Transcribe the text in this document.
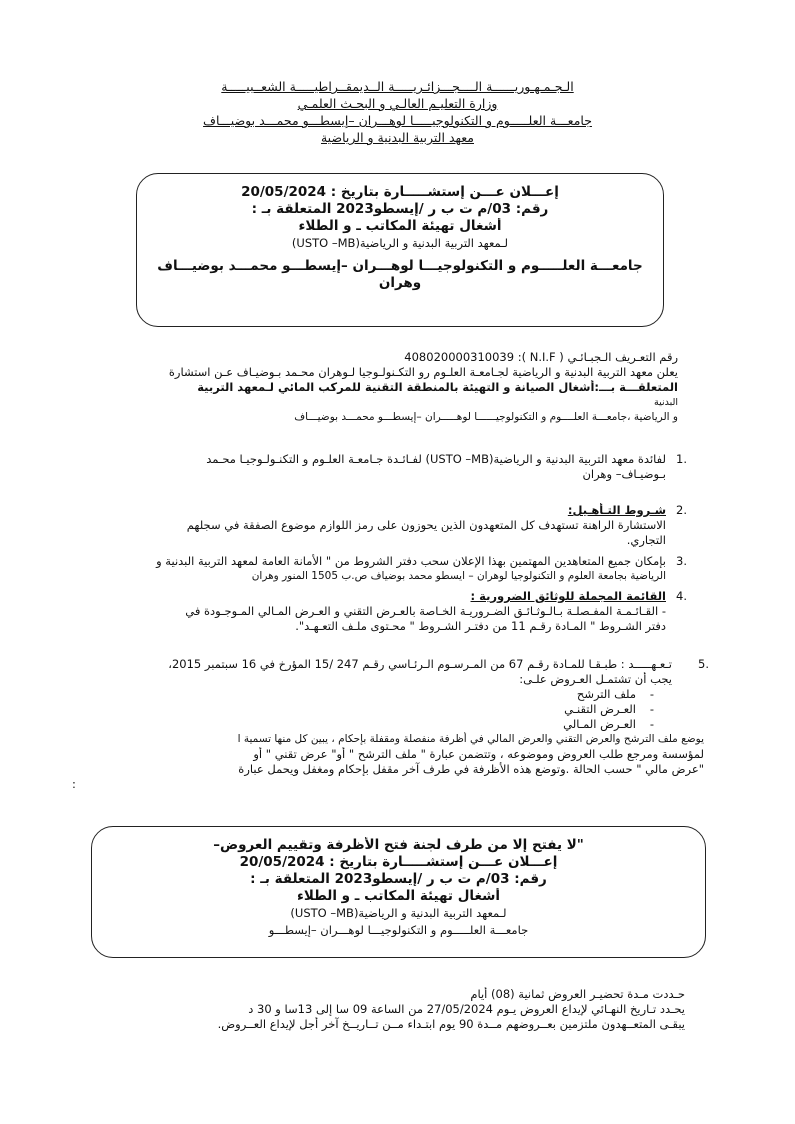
الـجـمـهـوريــــــة الــــجـــزائـريـــــة الــديمقــراطيـــــة الشعــبيـــــة
وزارة التعليـم العالـي و البحـث العلمـي
جامعـــة العلـــــوم و التكنولوجيـــــا لوهـــران –إيسطـــو محمـــد بوضيـــاف
معهد التربية البدنية و الرياضية
إعـــلان عـــن إستشـــــارة بتاريخ : 20/05/2024
رقم: 03/م ت ب ر /إيسطو2023 المتعلقة بـ :
أشغال تهيئة المكاتب ـ و الطلاء
لـمعهد التربية البدنية و الرياضية(USTO –MB)
جامعـــة العلـــــوم و التكنولوجيـــا لوهـــران –إيسطـــو محمـــد بوضيـــاف
وهران
رقم التعـريف الـجبـائـي ( N.I.F ): 408020000310039
يعلن معهد التربية البدنية و الرياضية لجـامعـة العلـوم رو التكـنولـوجيا لـوهران محـمد بـوضيـاف عـن استشارة
المتعلقـــة بـــ:أشغال الصيانة و التهيئة بالمنطقة التقنية للمركب المائي لـمعهد التربية
البدنية
و الرياضية ،جامعـــة العلــــوم و التكنولوجيــــــا لوهـــــران –إيسطـــو محمـــد بوضيـــاف
1.
لفائدة معهد التربية البدنية و الرياضية(USTO –MB) لفـائـدة جـامعـة العلـوم و التكنـولـوجيـا محـمد
بـوضيـاف– وهران
2.
شـروط التـأهـيل:
الاستشارة الراهنة تستهدف كل المتعهدون الذين يحوزون على رمز اللوازم موضوع الصفقة في سجلهم
التجاري.
3.
بإمكان جميع المتعاهدين المهتمين بهذا الإعلان سحب دفتر الشروط من " الأمانة العامة لمعهد التربية البدنية و
الرياضية بجامعة العلوم و التكنولوجيا لوهران – ايسطو محمد بوضياف ص.ب 1505 المنور وهران
4.
القائمة المجملة للوثائق الضرورية :
- القـائـمـة المفـصلـة بـالـوثـائـق الضـروريـة الخـاصة بالعـرض التقني و العـرض المـالي المـوجـودة في
دفتر الشـروط " المـادة رقـم 11 من دفتـر الشـروط " محـتوى ملـف التعـهـد".
5.
تـعـهـــــد : طبـقـا للمـادة رقـم 67 من المـرسـوم الـرئـاسي رقـم 247 /15 المؤرخ في 16 سبتمبر 2015،
يجب أن تشتمـل العـروض علـى:
-ملف الترشح
-العـرض التقنـي
-العـرض المـالي
يوضع ملف الترشح والعرض التقني والعرض المالي في أظرفة منفصلة ومقفلة بإحكام ، يبين كل منها تسمية ا
لمؤسسة ومرجع طلب العروض وموضوعه ، وتتضمن عبارة " ملف الترشح " أو" عرض تقني " أو
"عرض مالي " حسب الحالة .وتوضع هذه الأظرفة في طرف آخر مقفل بإحكام ومغفل ويحمل عبارة
:
"لا يفتح إلا من طرف لجنة فتح الأظرفة وتقييم العروض–
إعـــلان عـــن إستشـــــارة بتاريخ : 20/05/2024
رقم: 03/م ت ب ر /إيسطو2023 المتعلقة بـ :
أشغال تهيئة المكاتب ـ و الطلاء
لـمعهد التربية البدنية و الرياضية(USTO –MB)
جامعـــة العلـــــوم و التكنولوجيـــا لوهـــران –إيسطـــو
حـددت مـدة تحضيـر العروض ثمانية (08) أيام
يحـدد تـاريخ النهـائي لإيداع العروض يـوم 27/05/2024 من الساعة 09 سا إلى 13سا و 30 د
يبقـى المتعــهدون ملتزمين بعــروضهم مــدة 90 يوم ابتـداء مــن تــاريــخ آخر أجل لإيداع العــروض.
